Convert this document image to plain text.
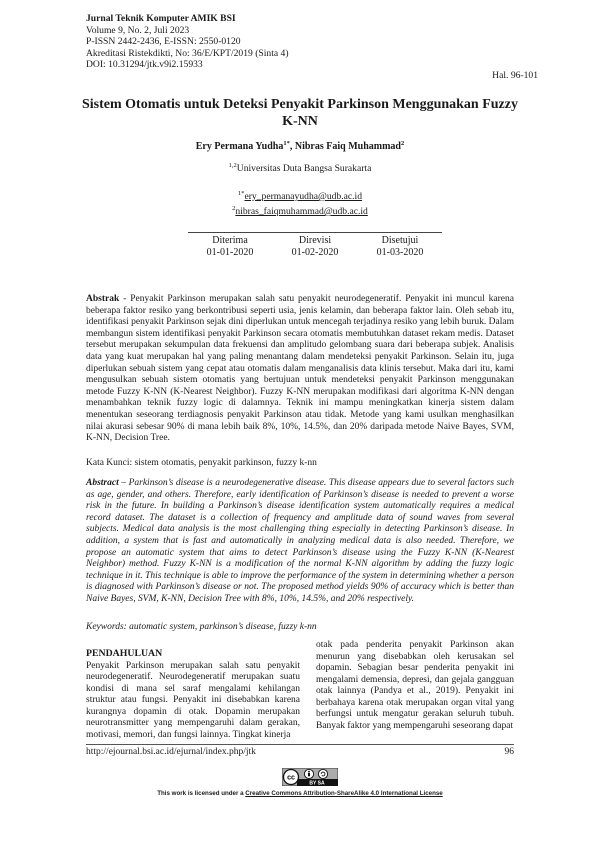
Jurnal Teknik Komputer AMIK BSI
Volume 9, No. 2, Juli 2023
P-ISSN 2442-2436, E-ISSN: 2550-0120
Akreditasi Ristekdikti, No: 36/E/KPT/2019 (Sinta 4)
DOI: 10.31294/jtk.v9i2.15933
Hal. 96-101
Sistem Otomatis untuk Deteksi Penyakit Parkinson Menggunakan Fuzzy K-NN
Ery Permana Yudha$^{1*}$, Nibras Faiq Muhammad$^2$
$^{1,2}$Universitas Duta Bangsa Surakarta
$^{1*}$ery_permanayudha@udb.ac.id
$^2$nibras_faiqmuhammad@udb.ac.id
Diterima
01-01-2020
Direvisi
01-02-2020
Disetujui
01-03-2020
Abstrak - Penyakit Parkinson merupakan salah satu penyakit neurodegeneratif. Penyakit ini muncul karena beberapa faktor resiko yang berkontribusi seperti usia, jenis kelamin, dan beberapa faktor lain. Oleh sebab itu, identifikasi penyakit Parkinson sejak dini diperlukan untuk mencegah terjadinya resiko yang lebih buruk. Dalam membangun sistem identifikasi penyakit Parkinson secara otomatis membutuhkan dataset rekam medis. Dataset tersebut merupakan sekumpulan data frekuensi dan amplitudo gelombang suara dari beberapa subjek. Analisis data yang kuat merupakan hal yang paling menantang dalam mendeteksi penyakit Parkinson. Selain itu, juga diperlukan sebuah sistem yang cepat atau otomatis dalam menganalisis data klinis tersebut. Maka dari itu, kami mengusulkan sebuah sistem otomatis yang bertujuan untuk mendeteksi penyakit Parkinson menggunakan metode Fuzzy K-NN (K-Nearest Neighbor). Fuzzy K-NN merupakan modifikasi dari algoritma K-NN dengan menambahkan teknik fuzzy logic di dalamnya. Teknik ini mampu meningkatkan kinerja sistem dalam menentukan seseorang terdiagnosis penyakit Parkinson atau tidak. Metode yang kami usulkan menghasilkan nilai akurasi sebesar 90% di mana lebih baik 8%, 10%, 14.5%, dan 20% daripada metode Naive Bayes, SVM, K-NN, Decision Tree.
Kata Kunci: sistem otomatis, penyakit parkinson, fuzzy k-nn
Abstract – Parkinson’s disease is a neurodegenerative disease. This disease appears due to several factors such as age, gender, and others. Therefore, early identification of Parkinson’s disease is needed to prevent a worse risk in the future. In building a Parkinson’s disease identification system automatically requires a medical record dataset. The dataset is a collection of frequency and amplitude data of sound waves from several subjects. Medical data analysis is the most challenging thing especially in detecting Parkinson’s disease. In addition, a system that is fast and automatically in analyzing medical data is also needed. Therefore, we propose an automatic system that aims to detect Parkinson’s disease using the Fuzzy K-NN (K-Nearest Neighbor) method. Fuzzy K-NN is a modification of the normal K-NN algorithm by adding the fuzzy logic technique in it. This technique is able to improve the performance of the system in determining whether a person is diagnosed with Parkinson’s disease or not. The proposed method yields 90% of accuracy which is better than Naive Bayes, SVM, K-NN, Decision Tree with 8%, 10%, 14.5%, and 20% respectively.
Keywords: automatic system, parkinson’s disease, fuzzy k-nn
PENDAHULUAN
Penyakit Parkinson merupakan salah satu penyakit neurodegeneratif. Neurodegeneratif merupakan suatu kondisi di mana sel saraf mengalami kehilangan struktur atau fungsi. Penyakit ini disebabkan karena kurangnya dopamin di otak. Dopamin merupakan neurotransmitter yang mempengaruhi dalam gerakan, motivasi, memori, dan fungsi lainnya. Tingkat kinerja
otak pada penderita penyakit Parkinson akan menurun yang disebabkan oleh kerusakan sel dopamin. Sebagian besar penderita penyakit ini mengalami demensia, depresi, dan gejala gangguan otak lainnya (Pandya et al., 2019). Penyakit ini berbahaya karena otak merupakan organ vital yang berfungsi untuk mengatur gerakan seluruh tubuh. Banyak faktor yang mempengaruhi seseorang dapat
http://ejournal.bsi.ac.id/ejurnal/index.php/jtk	96
cc
BY SA
This work is licensed under a Creative Commons Attribution-ShareAlike 4.0 International License
